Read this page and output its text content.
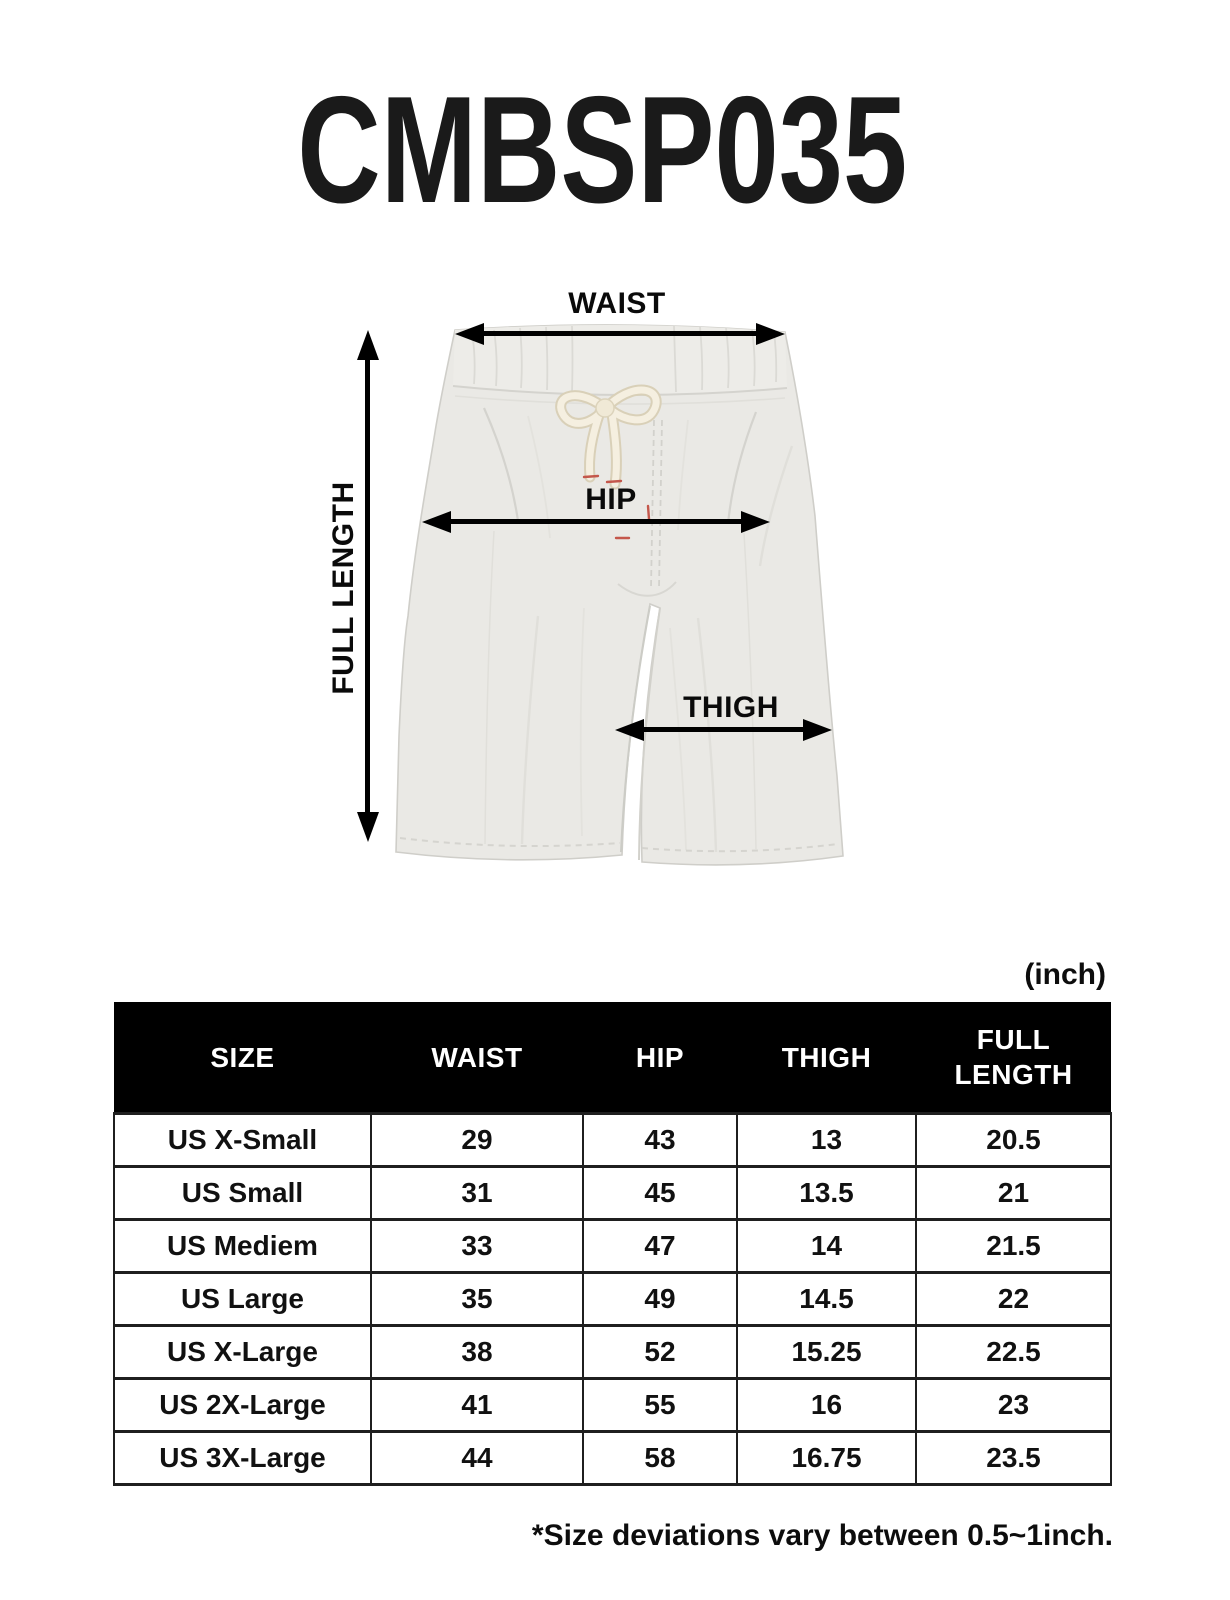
CMBSP035
WAIST
HIP
THIGH
FULL LENGTH
(inch)
SIZE	WAIST	HIP	THIGH	FULL LENGTH
US X-Small	29	43	13	20.5
US Small	31	45	13.5	21
US Mediem	33	47	14	21.5
US Large	35	49	14.5	22
US X-Large	38	52	15.25	22.5
US 2X-Large	41	55	16	23
US 3X-Large	44	58	16.75	23.5
*Size deviations vary between 0.5~1inch.
